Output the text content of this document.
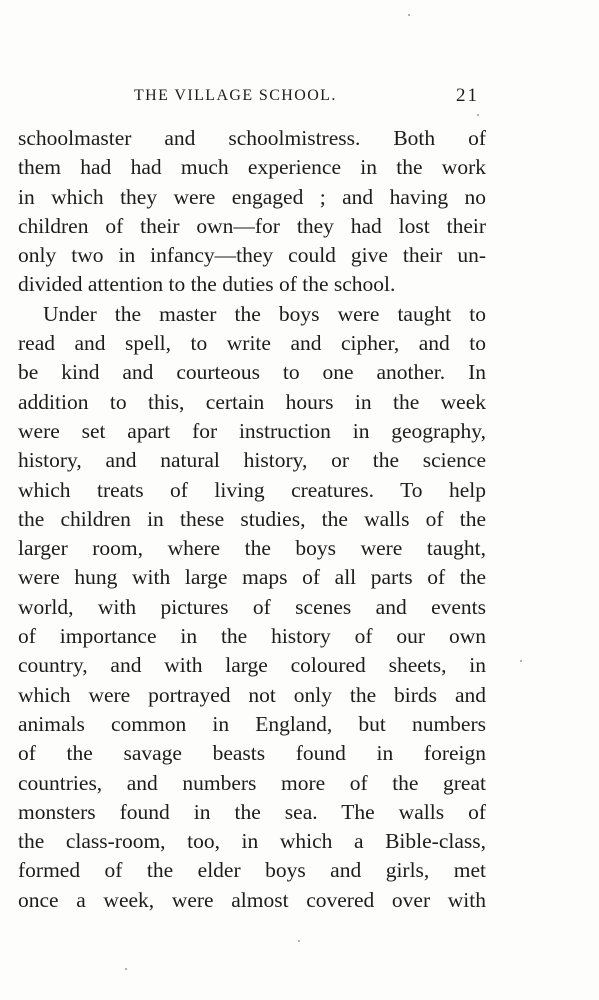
THE VILLAGE SCHOOL.	21
schoolmaster and schoolmistress. Both of
them had had much experience in the work
in which they were engaged ; and having no
children of their own—for they had lost their
only two in infancy—they could give their un-
divided attention to the duties of the school.
Under the master the boys were taught to
read and spell, to write and cipher, and to
be kind and courteous to one another. In
addition to this, certain hours in the week
were set apart for instruction in geography,
history, and natural history, or the science
which treats of living creatures. To help
the children in these studies, the walls of the
larger room, where the boys were taught,
were hung with large maps of all parts of the
world, with pictures of scenes and events
of importance in the history of our own
country, and with large coloured sheets, in
which were portrayed not only the birds and
animals common in England, but numbers
of the savage beasts found in foreign
countries, and numbers more of the great
monsters found in the sea. The walls of
the class-room, too, in which a Bible-class,
formed of the elder boys and girls, met
once a week, were almost covered over with
